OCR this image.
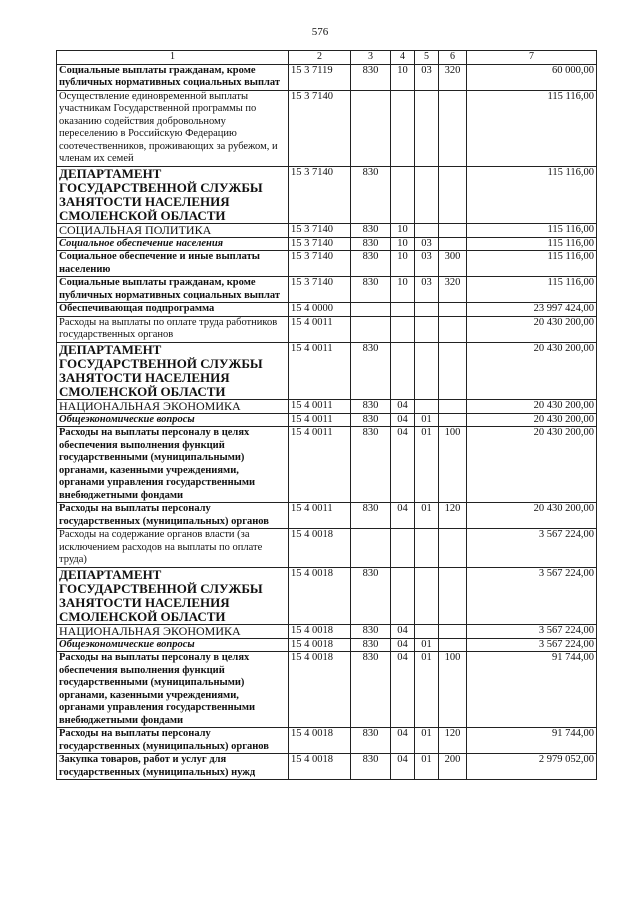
576
1	2	3	4	5	6	7
Социальные выплаты гражданам, кроме публичных нормативных социальных выплат	15 3 7119	830	10	03	320	60 000,00
Осуществление единовременной выплаты участникам Государственной программы по оказанию содействия добровольному переселению в Российскую Федерацию соотечественников, проживающих за рубежом, и членам их семей	15 3 7140					115 116,00
ДЕПАРТАМЕНТ ГОСУДАРСТВЕННОЙ СЛУЖБЫ ЗАНЯТОСТИ НАСЕЛЕНИЯ СМОЛЕНСКОЙ ОБЛАСТИ	15 3 7140	830				115 116,00
СОЦИАЛЬНАЯ ПОЛИТИКА	15 3 7140	830	10			115 116,00
Социальное обеспечение населения	15 3 7140	830	10	03		115 116,00
Социальное обеспечение и иные выплаты населению	15 3 7140	830	10	03	300	115 116,00
Социальные выплаты гражданам, кроме публичных нормативных социальных выплат	15 3 7140	830	10	03	320	115 116,00
Обеспечивающая подпрограмма	15 4 0000					23 997 424,00
Расходы на выплаты по оплате труда работников государственных органов	15 4 0011					20 430 200,00
ДЕПАРТАМЕНТ ГОСУДАРСТВЕННОЙ СЛУЖБЫ ЗАНЯТОСТИ НАСЕЛЕНИЯ СМОЛЕНСКОЙ ОБЛАСТИ	15 4 0011	830				20 430 200,00
НАЦИОНАЛЬНАЯ ЭКОНОМИКА	15 4 0011	830	04			20 430 200,00
Общеэкономические вопросы	15 4 0011	830	04	01		20 430 200,00
Расходы на выплаты персоналу в целях обеспечения выполнения функций государственными (муниципальными) органами, казенными учреждениями, органами управления государственными внебюджетными фондами	15 4 0011	830	04	01	100	20 430 200,00
Расходы на выплаты персоналу государственных (муниципальных) органов	15 4 0011	830	04	01	120	20 430 200,00
Расходы на содержание органов власти (за исключением расходов на выплаты по оплате труда)	15 4 0018					3 567 224,00
ДЕПАРТАМЕНТ ГОСУДАРСТВЕННОЙ СЛУЖБЫ ЗАНЯТОСТИ НАСЕЛЕНИЯ СМОЛЕНСКОЙ ОБЛАСТИ	15 4 0018	830				3 567 224,00
НАЦИОНАЛЬНАЯ ЭКОНОМИКА	15 4 0018	830	04			3 567 224,00
Общеэкономические вопросы	15 4 0018	830	04	01		3 567 224,00
Расходы на выплаты персоналу в целях обеспечения выполнения функций государственными (муниципальными) органами, казенными учреждениями, органами управления государственными внебюджетными фондами	15 4 0018	830	04	01	100	91 744,00
Расходы на выплаты персоналу государственных (муниципальных) органов	15 4 0018	830	04	01	120	91 744,00
Закупка товаров, работ и услуг для государственных (муниципальных) нужд	15 4 0018	830	04	01	200	2 979 052,00
